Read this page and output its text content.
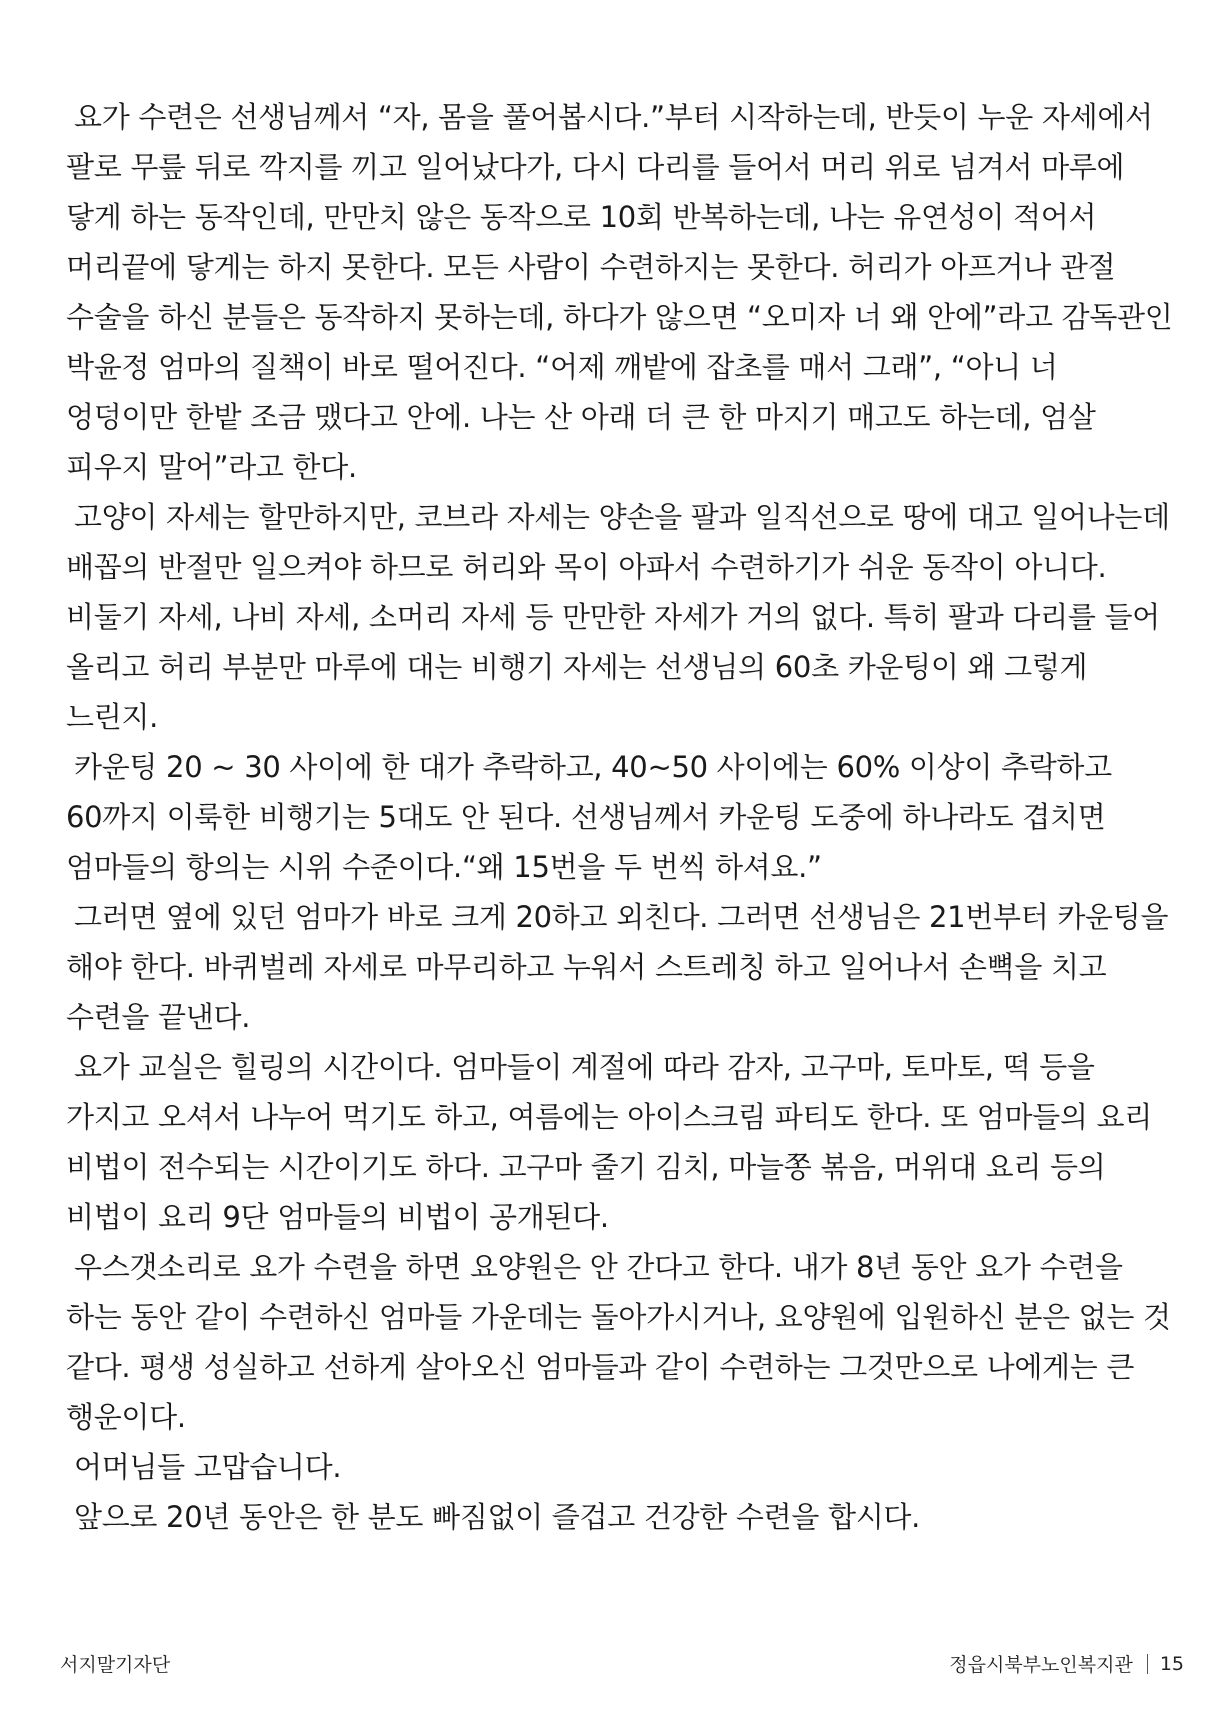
요가 수련은 선생님께서 “자, 몸을 풀어봅시다.”부터 시작하는데, 반듯이 누운 자세에서 팔로 무릎 뒤로 깍지를 끼고 일어났다가, 다시 다리를 들어서 머리 위로 넘겨서 마루에 닿게 하는 동작인데, 만만치 않은 동작으로 10회 반복하는데, 나는 유연성이 적어서 머리끝에 닿게는 하지 못한다. 모든 사람이 수련하지는 못한다. 허리가 아프거나 관절 수술을 하신 분들은 동작하지 못하는데, 하다가 않으면 “오미자 너 왜 안에”라고 감독관인 박윤정 엄마의 질책이 바로 떨어진다. “어제 깨밭에 잡초를 매서 그래”, “아니 너 엉덩이만 한밭 조금 맸다고 안에. 나는 산 아래 더 큰 한 마지기 매고도 하는데, 엄살 피우지 말어”라고 한다.

고양이 자세는 할만하지만, 코브라 자세는 양손을 팔과 일직선으로 땅에 대고 일어나는데 배꼽의 반절만 일으켜야 하므로 허리와 목이 아파서 수련하기가 쉬운 동작이 아니다. 비둘기 자세, 나비 자세, 소머리 자세 등 만만한 자세가 거의 없다. 특히 팔과 다리를 들어 올리고 허리 부분만 마루에 대는 비행기 자세는 선생님의 60초 카운팅이 왜 그렇게 느린지.

카운팅 20 ~ 30 사이에 한 대가 추락하고, 40~50 사이에는 60% 이상이 추락하고 60까지 이룩한 비행기는 5대도 안 된다. 선생님께서 카운팅 도중에 하나라도 겹치면 엄마들의 항의는 시위 수준이다.“왜 15번을 두 번씩 하셔요.”

그러면 옆에 있던 엄마가 바로 크게 20하고 외친다. 그러면 선생님은 21번부터 카운팅을 해야 한다. 바퀴벌레 자세로 마무리하고 누워서 스트레칭 하고 일어나서 손뼉을 치고 수련을 끝낸다.

요가 교실은 힐링의 시간이다. 엄마들이 계절에 따라 감자, 고구마, 토마토, 떡 등을 가지고 오셔서 나누어 먹기도 하고, 여름에는 아이스크림 파티도 한다. 또 엄마들의 요리 비법이 전수되는 시간이기도 하다. 고구마 줄기 김치, 마늘쫑 볶음, 머위대 요리 등의 비법이 요리 9단 엄마들의 비법이 공개된다.

우스갯소리로 요가 수련을 하면 요양원은 안 간다고 한다. 내가 8년 동안 요가 수련을 하는 동안 같이 수련하신 엄마들 가운데는 돌아가시거나, 요양원에 입원하신 분은 없는 것 같다. 평생 성실하고 선하게 살아오신 엄마들과 같이 수련하는 그것만으로 나에게는 큰 행운이다.

어머님들 고맙습니다.

앞으로 20년 동안은 한 분도 빠짐없이 즐겁고 건강한 수련을 합시다.

서지말기자단	정읍시북부노인복지관 15
